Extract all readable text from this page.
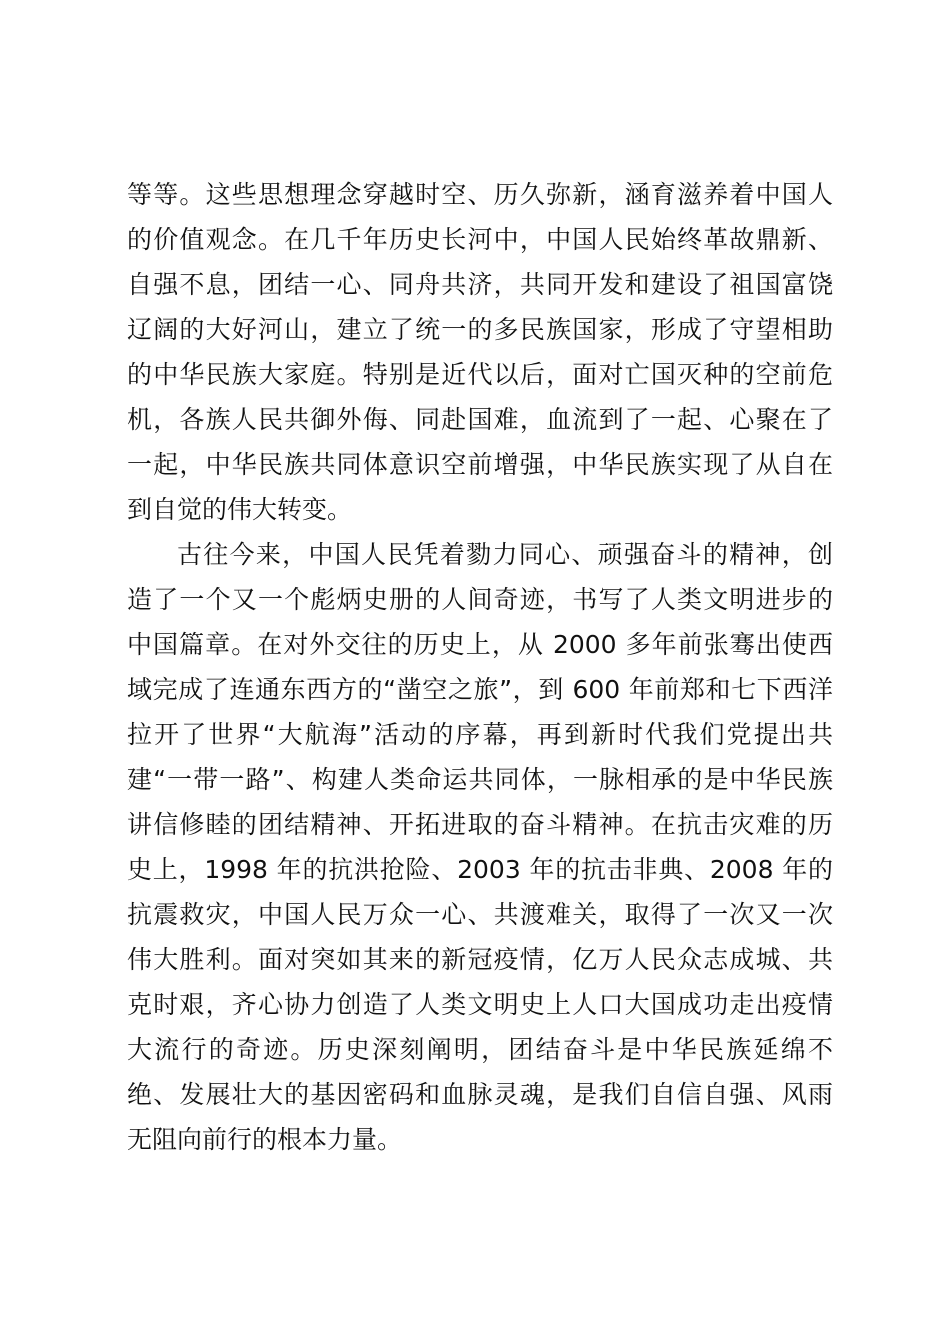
等等。这些思想理念穿越时空、历久弥新，涵育滋养着中国人
的价值观念。在几千年历史长河中，中国人民始终革故鼎新、
自强不息，团结一心、同舟共济，共同开发和建设了祖国富饶
辽阔的大好河山，建立了统一的多民族国家，形成了守望相助
的中华民族大家庭。特别是近代以后，面对亡国灭种的空前危
机，各族人民共御外侮、同赴国难，血流到了一起、心聚在了
一起，中华民族共同体意识空前增强，中华民族实现了从自在
到自觉的伟大转变。
古往今来，中国人民凭着勠力同心、顽强奋斗的精神，创
造了一个又一个彪炳史册的人间奇迹，书写了人类文明进步的
中国篇章。在对外交往的历史上，从 2000 多年前张骞出使西
域完成了连通东西方的“凿空之旅”，到 600 年前郑和七下西洋
拉开了世界“大航海”活动的序幕，再到新时代我们党提出共
建“一带一路”、构建人类命运共同体，一脉相承的是中华民族
讲信修睦的团结精神、开拓进取的奋斗精神。在抗击灾难的历
史上，1998 年的抗洪抢险、2003 年的抗击非典、2008 年的
抗震救灾，中国人民万众一心、共渡难关，取得了一次又一次
伟大胜利。面对突如其来的新冠疫情，亿万人民众志成城、共
克时艰，齐心协力创造了人类文明史上人口大国成功走出疫情
大流行的奇迹。历史深刻阐明，团结奋斗是中华民族延绵不
绝、发展壮大的基因密码和血脉灵魂，是我们自信自强、风雨
无阻向前行的根本力量。
